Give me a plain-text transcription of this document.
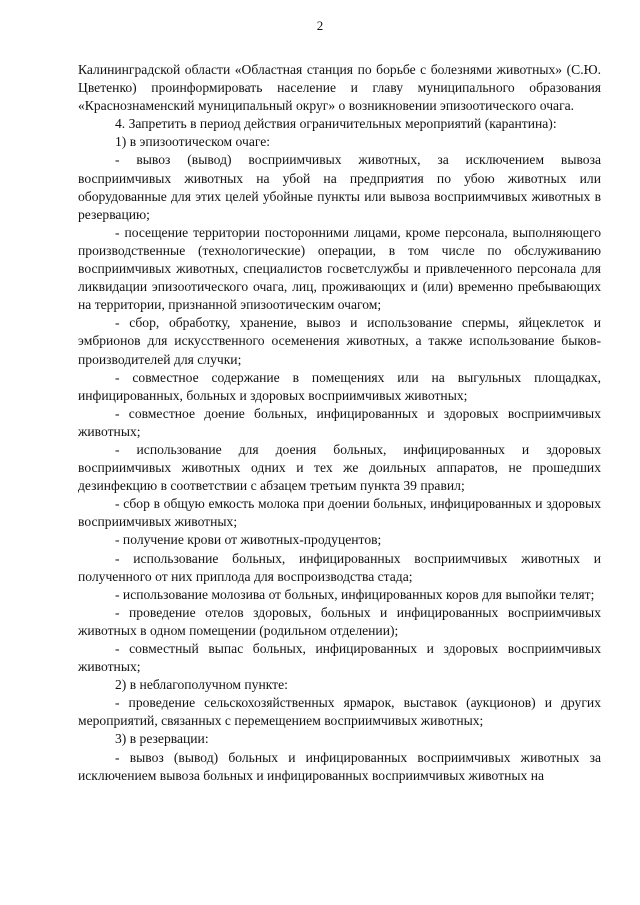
2

Калининградской области «Областная станция по борьбе с болезнями животных» (С.Ю. Цветенко) проинформировать население и главу муниципального образования «Краснознаменский муниципальный округ» о возникновении эпизоотического очага.

4. Запретить в период действия ограничительных мероприятий (карантина):

1) в эпизоотическом очаге:

- вывоз (вывод) восприимчивых животных, за исключением вывоза восприимчивых животных на убой на предприятия по убою животных или оборудованные для этих целей убойные пункты или вывоза восприимчивых животных в резервацию;

- посещение территории посторонними лицами, кроме персонала, выполняющего производственные (технологические) операции, в том числе по обслуживанию восприимчивых животных, специалистов госветслужбы и привлеченного персонала для ликвидации эпизоотического очага, лиц, проживающих и (или) временно пребывающих на территории, признанной эпизоотическим очагом;

- сбор, обработку, хранение, вывоз и использование спермы, яйцеклеток и эмбрионов для искусственного осеменения животных, а также использование быков-производителей для случки;

- совместное содержание в помещениях или на выгульных площадках, инфицированных, больных и здоровых восприимчивых животных;

- совместное доение больных, инфицированных и здоровых восприимчивых животных;

- использование для доения больных, инфицированных и здоровых восприимчивых животных одних и тех же доильных аппаратов, не прошедших дезинфекцию в соответствии с абзацем третьим пункта 39 правил;

- сбор в общую емкость молока при доении больных, инфицированных и здоровых восприимчивых животных;

- получение крови от животных-продуцентов;

- использование больных, инфицированных восприимчивых животных и полученного от них приплода для воспроизводства стада;

- использование молозива от больных, инфицированных коров для выпойки телят;

- проведение отелов здоровых, больных и инфицированных восприимчивых животных в одном помещении (родильном отделении);

- совместный выпас больных, инфицированных и здоровых восприимчивых животных;

2) в неблагополучном пункте:

- проведение сельскохозяйственных ярмарок, выставок (аукционов) и других мероприятий, связанных с перемещением восприимчивых животных;

3) в резервации:

- вывоз (вывод) больных и инфицированных восприимчивых животных за исключением вывоза больных и инфицированных восприимчивых животных на
